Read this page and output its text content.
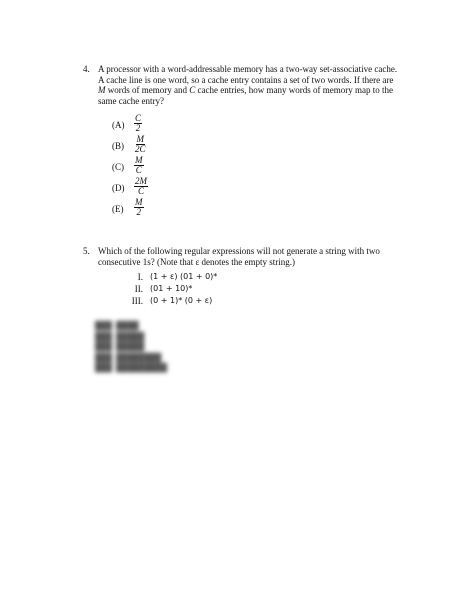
4. A processor with a word-addressable memory has a two-way set-associative cache.
A cache line is one word, so a cache entry contains a set of two words. If there are
M words of memory and C cache entries, how many words of memory map to the
same cache entry?
$(A) \frac{C}{2}$
$(B) \frac{M}{2C}$
$(C) \frac{M}{C}$
$(D) \frac{2M}{C}$
$(E) \frac{M}{2}$
5. Which of the following regular expressions will not generate a string with two
consecutive 1s? (Note that ε denotes the empty string.)
I. (1 + ε) (01 + 0)*
II. (01 + 10)*
III. (0 + 1)* (0 + ε)
███  ████
███  █████
███  █████
███  ████████
███  █████████
